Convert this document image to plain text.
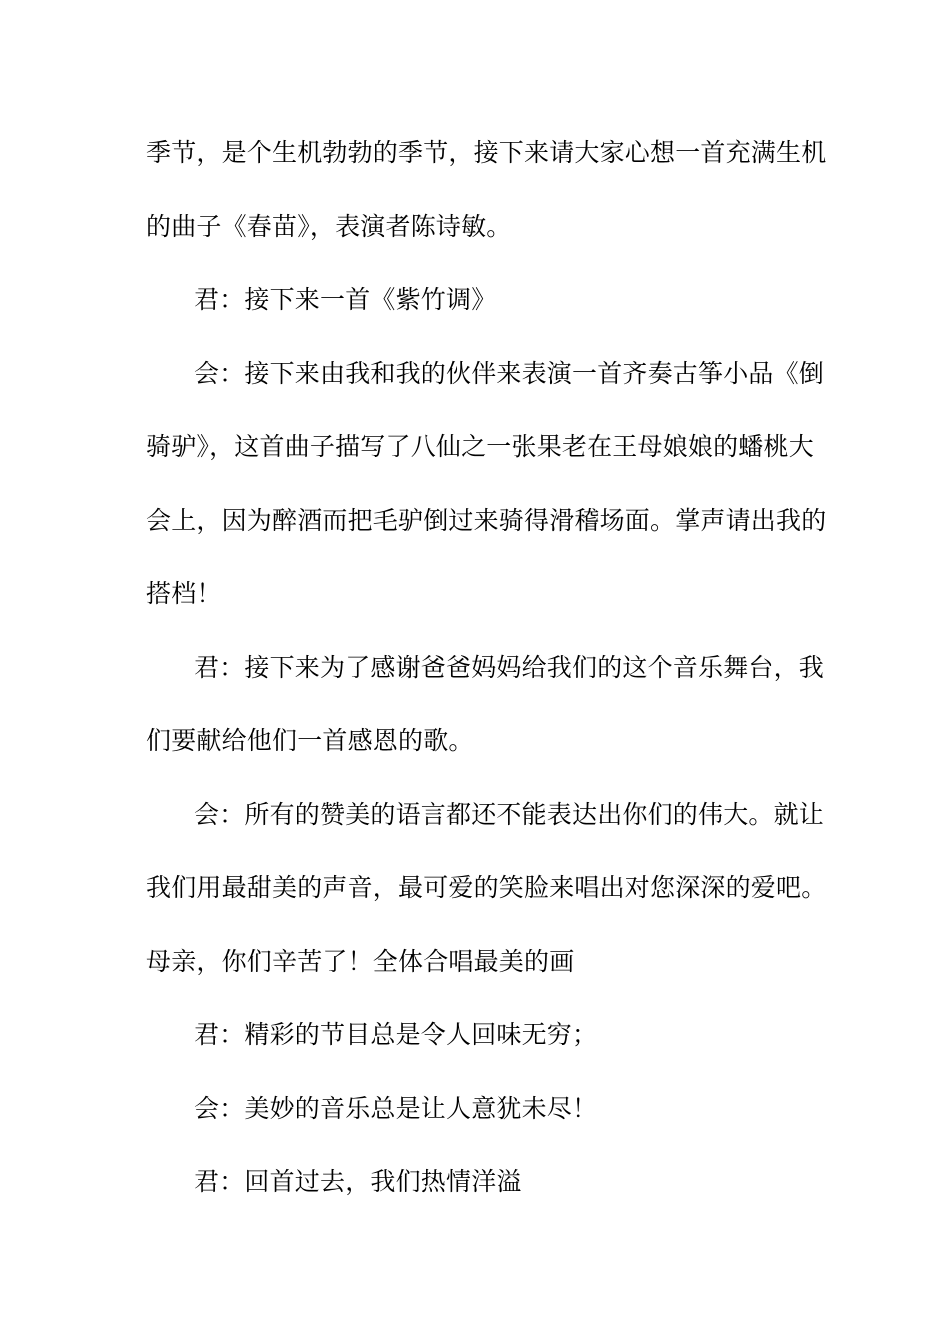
季节，是个生机勃勃的季节，接下来请大家心想一首充满生机
的曲子《春苗》，表演者陈诗敏。
君：接下来一首《紫竹调》
会：接下来由我和我的伙伴来表演一首齐奏古筝小品《倒
骑驴》，这首曲子描写了八仙之一张果老在王母娘娘的蟠桃大
会上，因为醉酒而把毛驴倒过来骑得滑稽场面。掌声请出我的
搭档！
君：接下来为了感谢爸爸妈妈给我们的这个音乐舞台，我
们要献给他们一首感恩的歌。
会：所有的赞美的语言都还不能表达出你们的伟大。就让
我们用最甜美的声音，最可爱的笑脸来唱出对您深深的爱吧。
母亲，你们辛苦了！全体合唱最美的画
君：精彩的节目总是令人回味无穷；
会：美妙的音乐总是让人意犹未尽！
君：回首过去，我们热情洋溢
